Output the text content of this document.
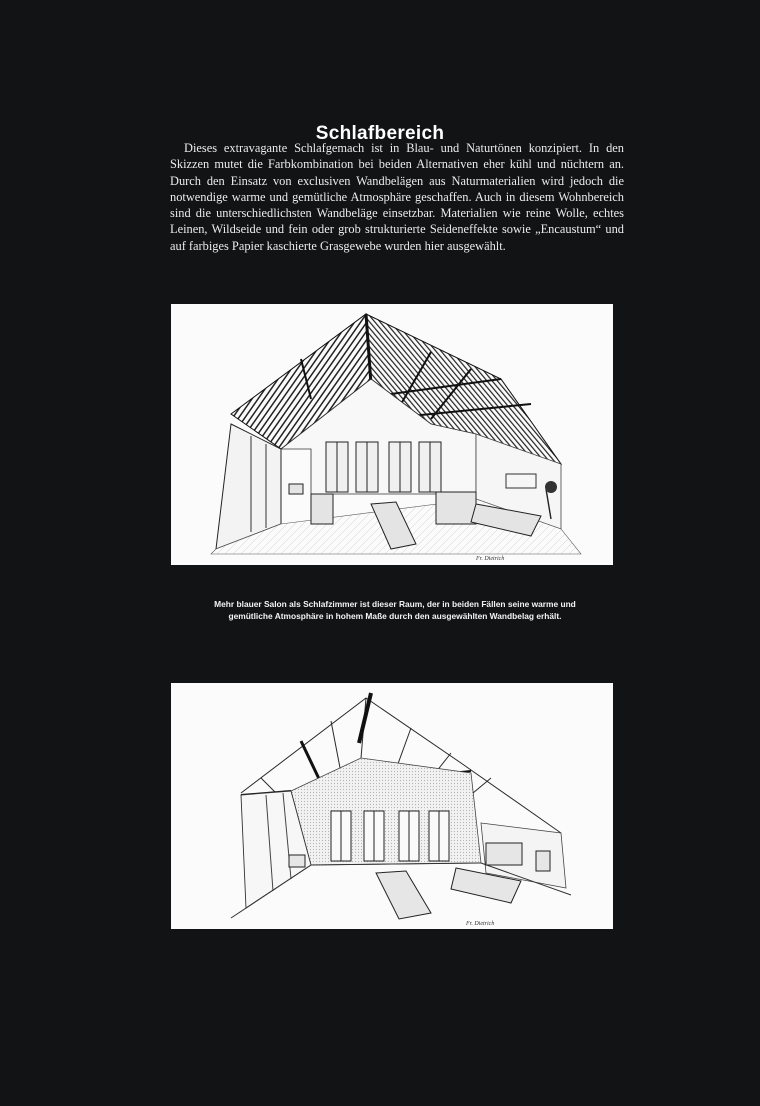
Schlafbereich

Dieses extravagante Schlafgemach ist in Blau- und Naturtönen konzipiert. In den Skizzen mutet die Farbkombination bei beiden Alternativen eher kühl und nüchtern an. Durch den Einsatz von exclusiven Wandbelägen aus Naturmaterialien wird jedoch die notwendige warme und gemütliche Atmosphäre geschaffen. Auch in diesem Wohnbereich sind die unterschiedlichsten Wandbeläge einsetzbar. Materialien wie reine Wolle, echtes Leinen, Wildseide und fein oder grob strukturierte Seideneffekte sowie „Encaustum“ und auf farbiges Papier kaschierte Grasgewebe wurden hier ausgewählt.

Fr. Dietrich
Mehr blauer Salon als Schlafzimmer ist dieser Raum, der in beiden Fällen seine warme und gemütliche Atmosphäre in hohem Maße durch den ausgewählten Wandbelag erhält.
Fr. Dietrich
